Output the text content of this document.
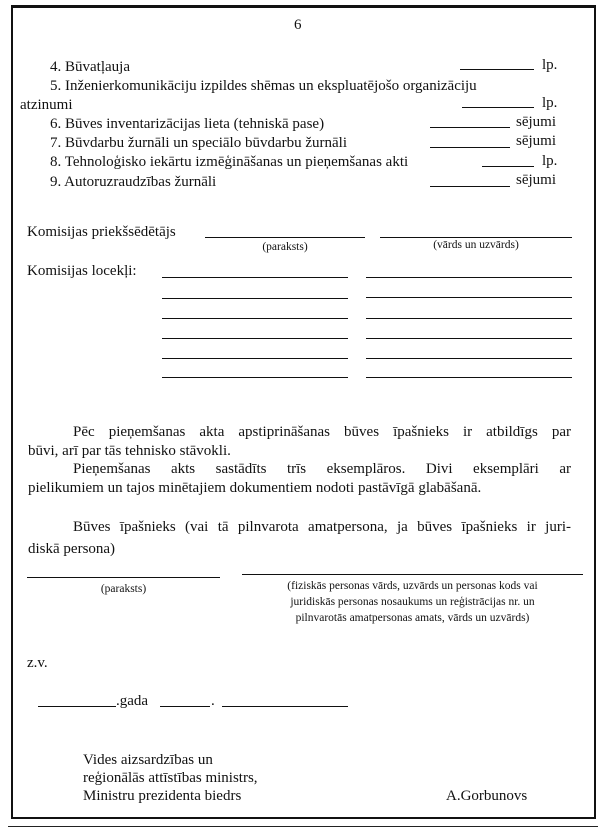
6
4. Būvatļauja	lp.
5. Inženierkomunikāciju izpildes shēmas un ekspluatējošo organizāciju
atzinumi	lp.
6. Būves inventarizācijas lieta (tehniskā pase)	sējumi
7. Būvdarbu žurnāli un speciālo būvdarbu žurnāli	sējumi
8. Tehnoloģisko iekārtu izmēģināšanas un pieņemšanas akti	lp.
9. Autoruzraudzības žurnāli	sējumi
Komisijas priekšsēdētājs
(paraksts)	(vārds un uzvārds)
Komisijas locekļi:
Pēc pieņemšanas akta apstiprināšanas būves īpašnieks ir atbildīgs par
būvi, arī par tās tehnisko stāvokli.
Pieņemšanas akts sastādīts trīs eksemplāros. Divi eksemplāri ar
pielikumiem un tajos minētajiem dokumentiem nodoti pastāvīgā glabāšanā.
Būves īpašnieks (vai tā pilnvarota amatpersona, ja būves īpašnieks ir juri-
diskā persona)
(paraksts)	(fiziskās personas vārds, uzvārds un personas kods vai
juridiskās personas nosaukums un reģistrācijas nr. un
pilnvarotās amatpersonas amats, vārds un uzvārds)
z.v.
.gada	.
Vides aizsardzības un
reģionālās attīstības ministrs,
Ministru prezidenta biedrs	A.Gorbunovs
